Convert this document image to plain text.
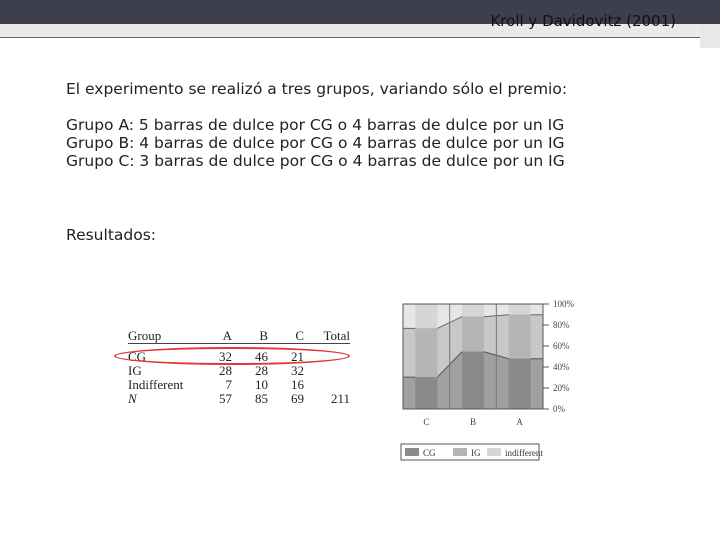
Kroll y Davidovitz (2001)
El experimento se realizó a tres grupos, variando sólo el premio:
Grupo A: 5 barras de dulce por CG o 4 barras de dulce por un IG
Grupo B: 4 barras de dulce por CG o 4 barras de dulce por un IG
Grupo C: 3 barras de dulce por CG o 4 barras de dulce por un IG
Resultados:
Group	A	B	C Total
CG	32	46	21
IG	28	28	32
Indifferent	7	10	16
N	57	85	69	211
0%
20%
40%
60%
80%
100%
C	B	A
CG	IG	indifferent
